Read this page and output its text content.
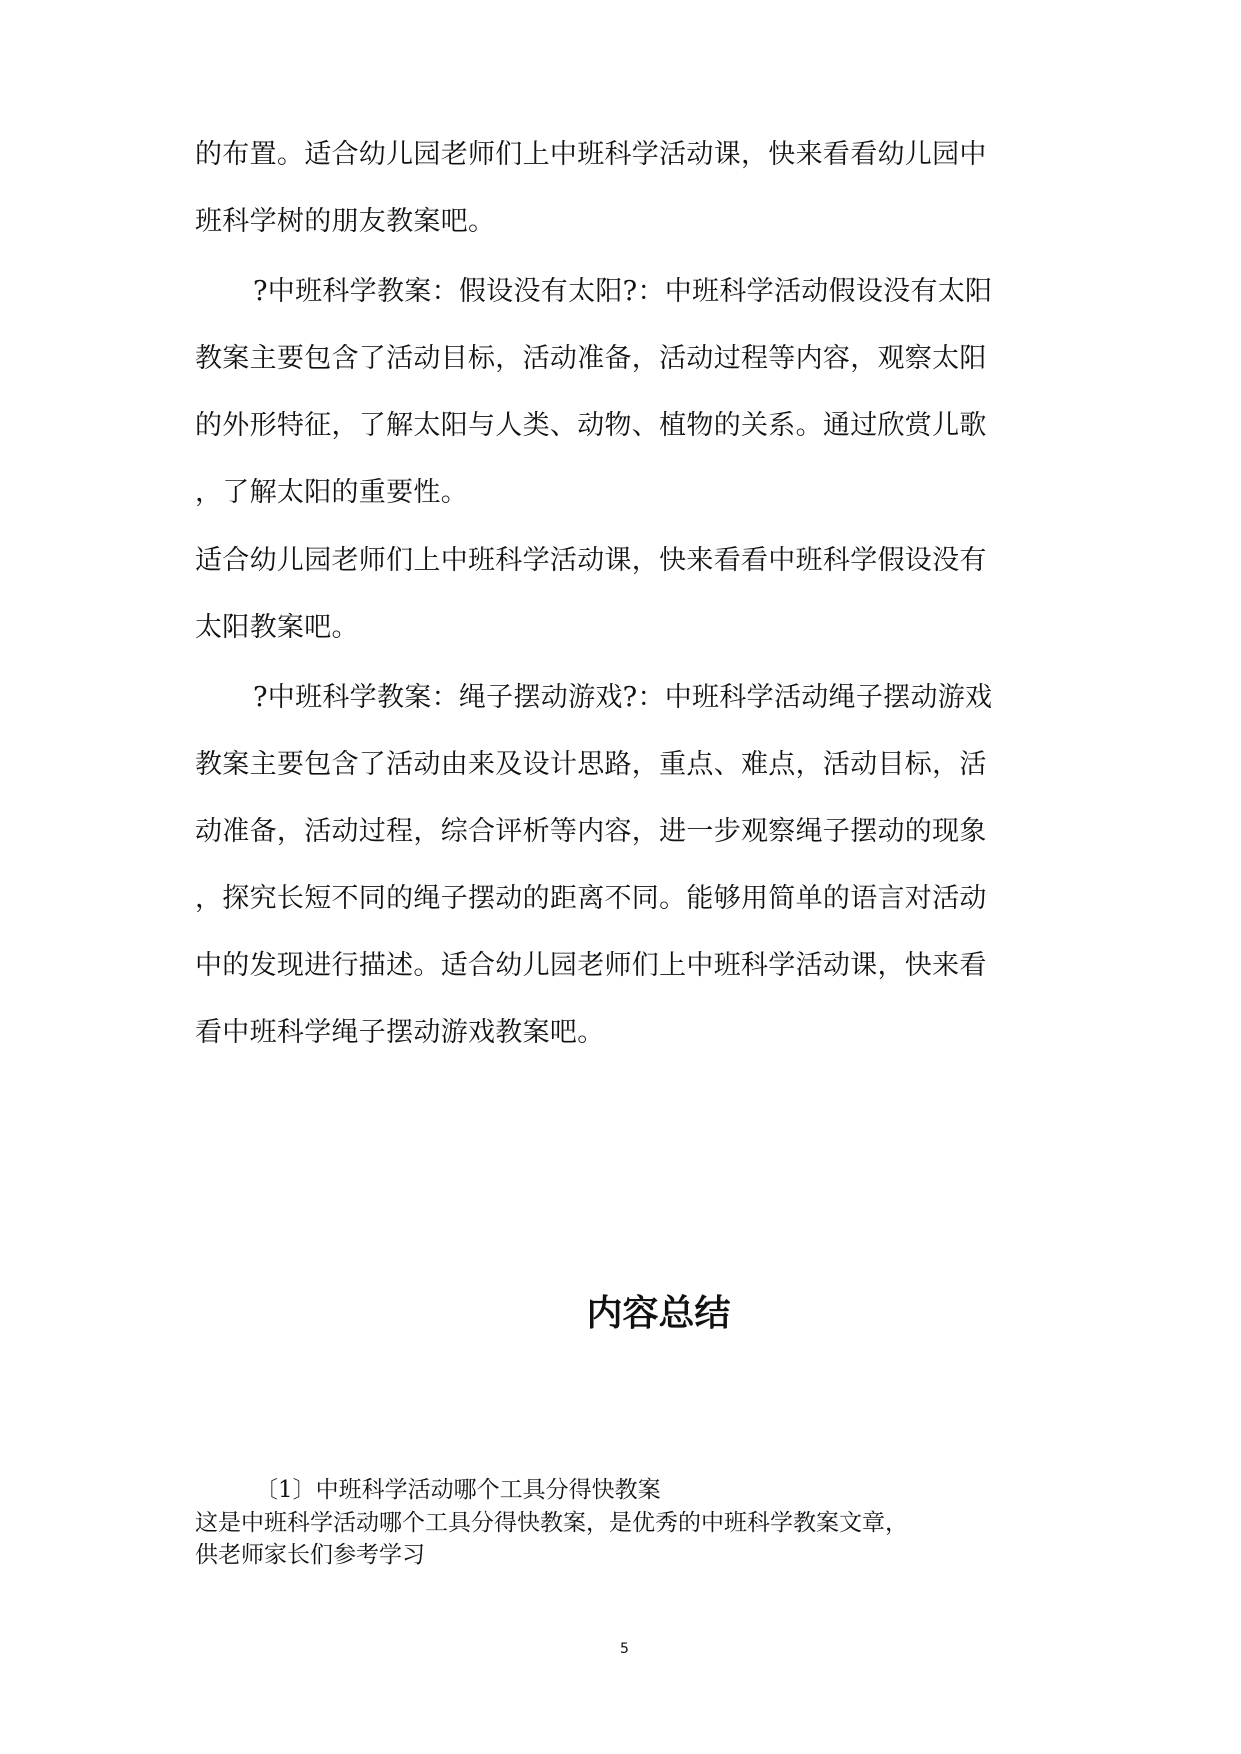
的布置。适合幼儿园老师们上中班科学活动课，快来看看幼儿园中
班科学树的朋友教案吧。
?中班科学教案：假设没有太阳?：中班科学活动假设没有太阳
教案主要包含了活动目标，活动准备，活动过程等内容，观察太阳
的外形特征，了解太阳与人类、动物、植物的关系。通过欣赏儿歌
，了解太阳的重要性。
适合幼儿园老师们上中班科学活动课，快来看看中班科学假设没有
太阳教案吧。
?中班科学教案：绳子摆动游戏?：中班科学活动绳子摆动游戏
教案主要包含了活动由来及设计思路，重点、难点，活动目标，活
动准备，活动过程，综合评析等内容，进一步观察绳子摆动的现象
，探究长短不同的绳子摆动的距离不同。能够用简单的语言对活动
中的发现进行描述。适合幼儿园老师们上中班科学活动课，快来看
看中班科学绳子摆动游戏教案吧。
内容总结
〔1〕中班科学活动哪个工具分得快教案
这是中班科学活动哪个工具分得快教案，是优秀的中班科学教案文章，
供老师家长们参考学习
5
